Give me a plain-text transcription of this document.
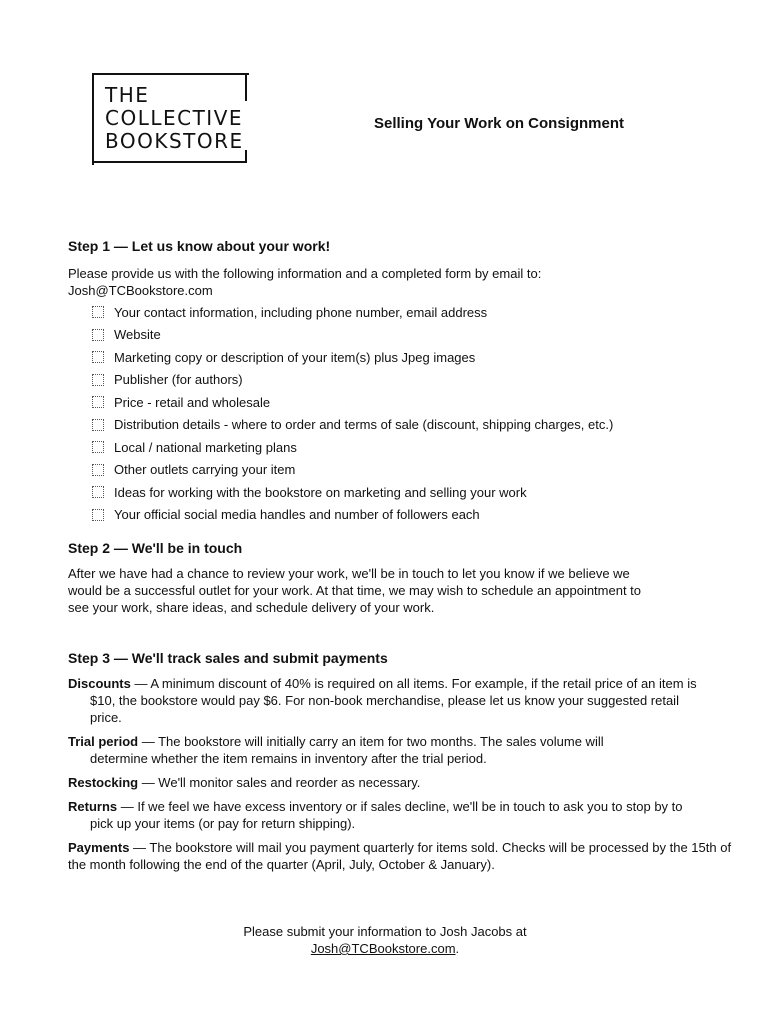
THE
COLLECTIVE
BOOKSTORE
Selling Your Work on Consignment
Step 1 — Let us know about your work!

Please provide us with the following information and a completed form by email to:

Josh@TCBookstore.com

Your contact information, including phone number, email address
Website
Marketing copy or description of your item(s) plus Jpeg images
Publisher (for authors)
Price - retail and wholesale
Distribution details - where to order and terms of sale (discount, shipping charges, etc.)
Local / national marketing plans
Other outlets carrying your item
Ideas for working with the bookstore on marketing and selling your work
Your official social media handles and number of followers each
Step 2 — We'll be in touch

After we have had a chance to review your work, we'll be in touch to let you know if we believe we

would be a successful outlet for your work. At that time, we may wish to schedule an appointment to

see your work, share ideas, and schedule delivery of your work.

Step 3 — We'll track sales and submit payments

Discounts — A minimum discount of 40% is required on all items. For example, if the retail price of an item is $10, the bookstore would pay $6. For non-book merchandise, please let us know your suggested retail price.

Trial period — The bookstore will initially carry an item for two months. The sales volume will determine whether the item remains in inventory after the trial period.

Restocking — We'll monitor sales and reorder as necessary.

Returns — If we feel we have excess inventory or if sales decline, we'll be in touch to ask you to stop by to pick up your items (or pay for return shipping).

Payments — The bookstore will mail you payment quarterly for items sold. Checks will be processed by the 15th of the month following the end of the quarter (April, July, October & January).

Please submit your information to Josh Jacobs at

Josh@TCBookstore.com.
